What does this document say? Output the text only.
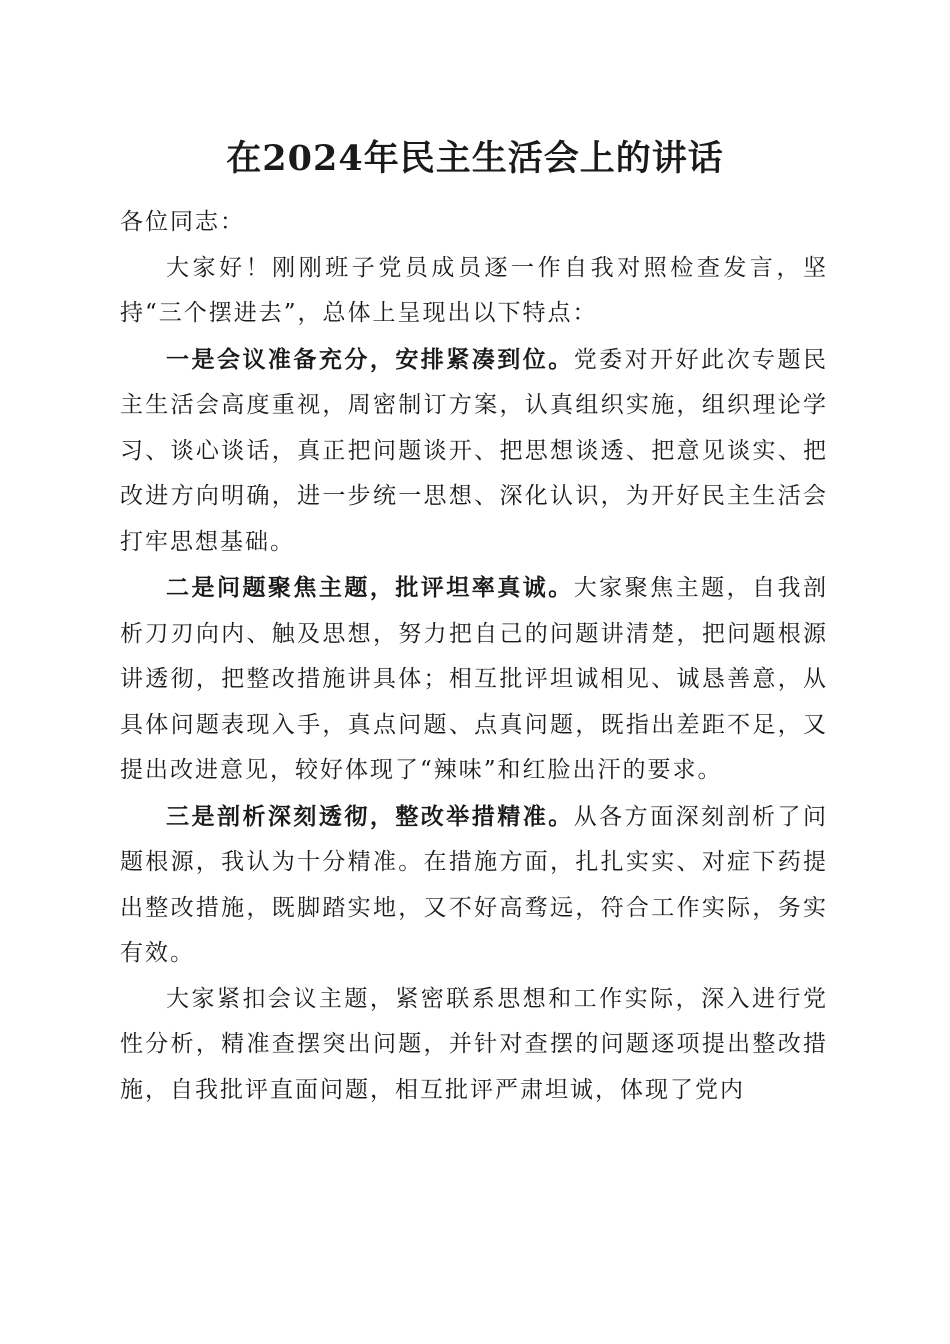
在2024年民主生活会上的讲话

各位同志：

大家好！刚刚班子党员成员逐一作自我对照检查发言，坚持“三个摆进去”，总体上呈现出以下特点：

一是会议准备充分，安排紧凑到位。党委对开好此次专题民主生活会高度重视，周密制订方案，认真组织实施，组织理论学习、谈心谈话，真正把问题谈开、把思想谈透、把意见谈实、把改进方向明确，进一步统一思想、深化认识，为开好民主生活会打牢思想基础。

二是问题聚焦主题，批评坦率真诚。大家聚焦主题，自我剖析刀刃向内、触及思想，努力把自己的问题讲清楚，把问题根源讲透彻，把整改措施讲具体；相互批评坦诚相见、诚恳善意，从具体问题表现入手，真点问题、点真问题，既指出差距不足，又提出改进意见，较好体现了“辣味”和红脸出汗的要求。

三是剖析深刻透彻，整改举措精准。从各方面深刻剖析了问题根源，我认为十分精准。在措施方面，扎扎实实、对症下药提出整改措施，既脚踏实地，又不好高骛远，符合工作实际，务实有效。

大家紧扣会议主题，紧密联系思想和工作实际，深入进行党性分析，精准查摆突出问题，并针对查摆的问题逐项提出整改措施，自我批评直面问题，相互批评严肃坦诚，体现了党内
